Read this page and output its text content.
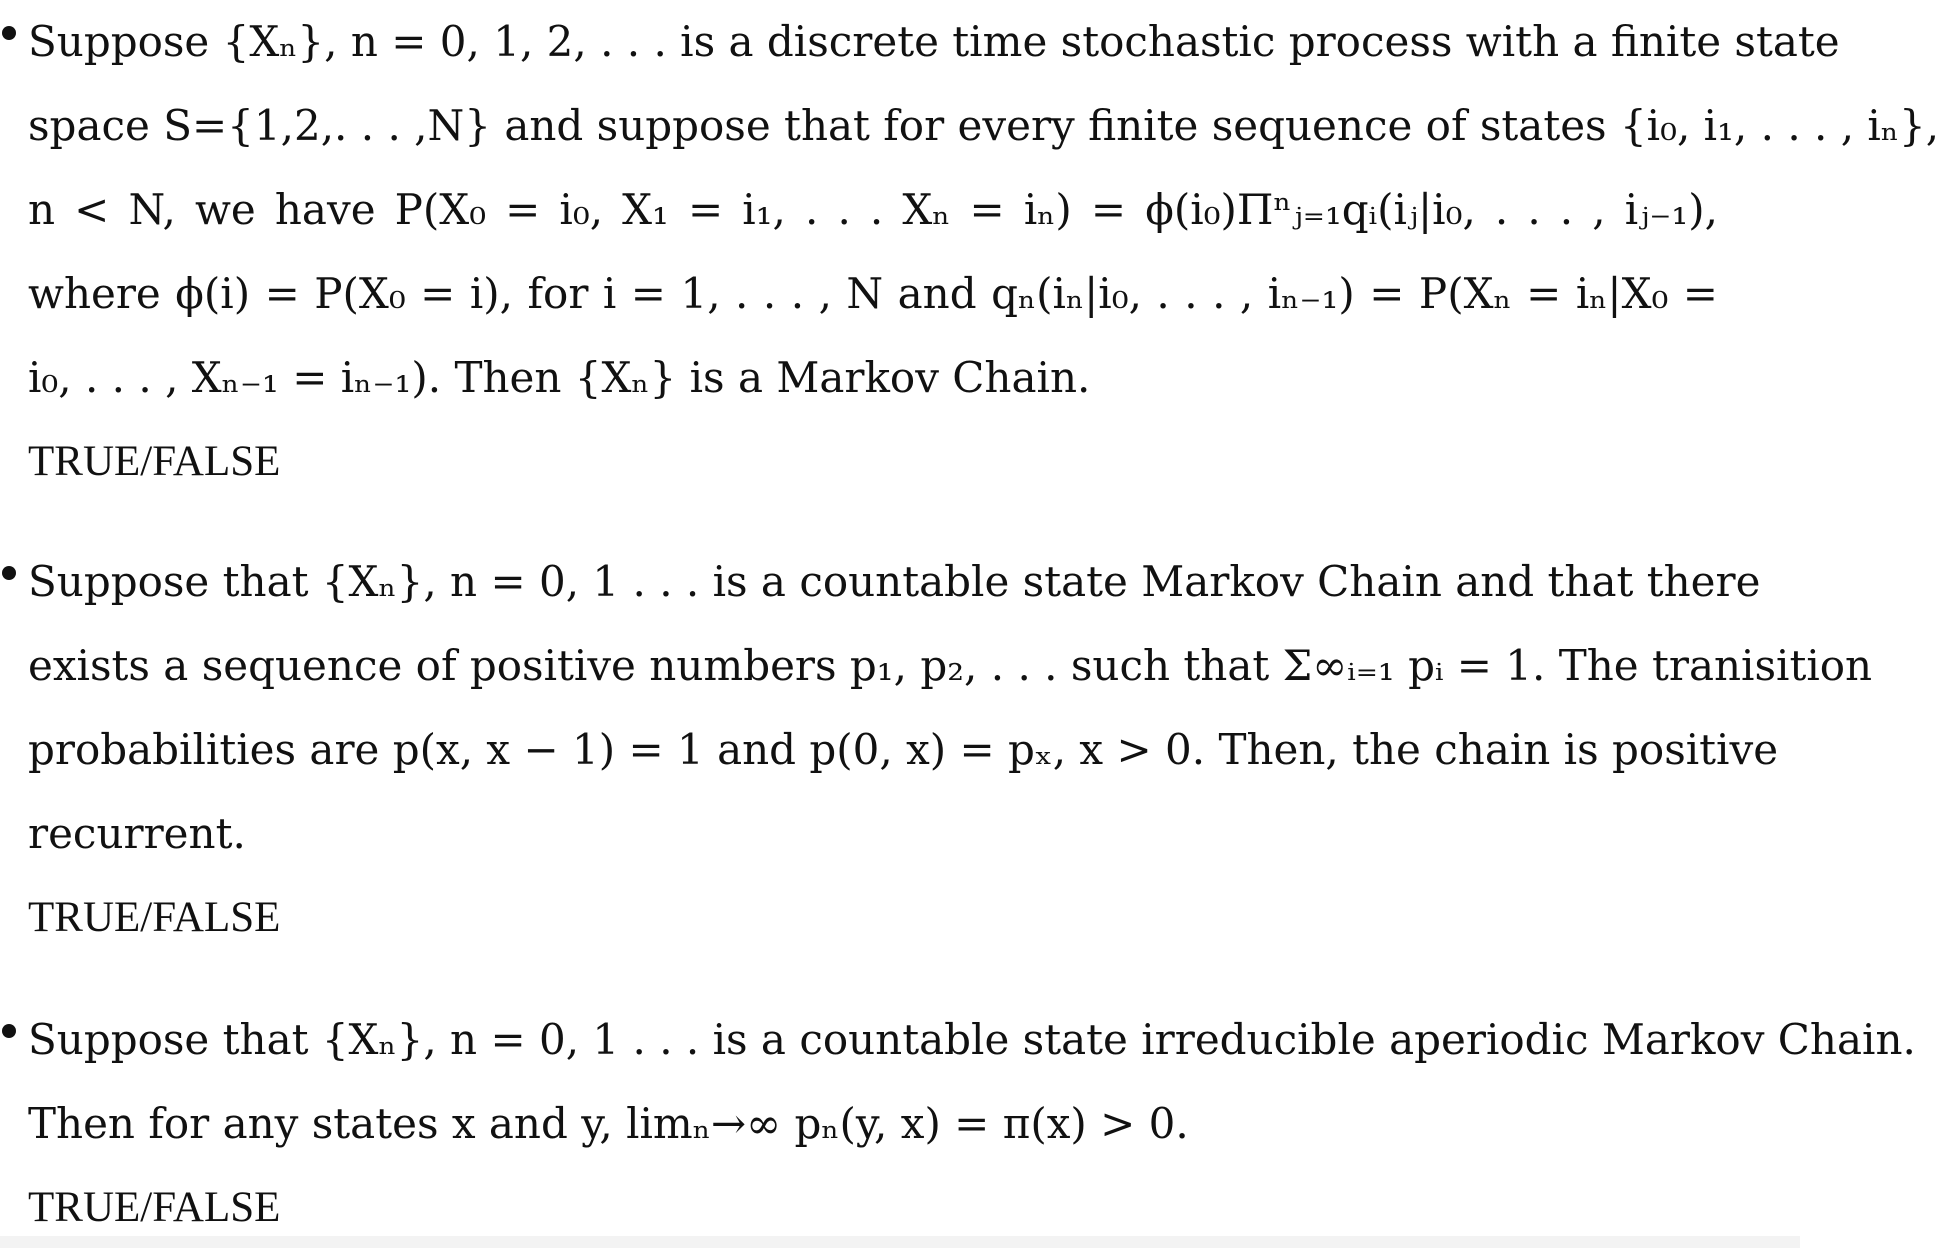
Suppose {Xₙ}, n = 0, 1, 2, . . . is a discrete time stochastic process with a finite state
space S={1,2,. . . ,N} and suppose that for every finite sequence of states {i₀, i₁, . . . , iₙ},
n < N, we have P(X₀ = i₀, X₁ = i₁, . . . Xₙ = iₙ) = ϕ(i₀)Πⁿⱼ₌₁qᵢ(iⱼ|i₀, . . . , iⱼ₋₁),
where ϕ(i) = P(X₀ = i), for i = 1, . . . , N and qₙ(iₙ|i₀, . . . , iₙ₋₁) = P(Xₙ = iₙ|X₀ =
i₀, . . . , Xₙ₋₁ = iₙ₋₁). Then {Xₙ} is a Markov Chain.
TRUE/FALSE
Suppose that {Xₙ}, n = 0, 1 . . . is a countable state Markov Chain and that there
exists a sequence of positive numbers p₁, p₂, . . . such that Σ∞ᵢ₌₁ pᵢ = 1. The tranisition
probabilities are p(x, x − 1) = 1 and p(0, x) = pₓ, x > 0. Then, the chain is positive
recurrent.
TRUE/FALSE
Suppose that {Xₙ}, n = 0, 1 . . . is a countable state irreducible aperiodic Markov Chain.
Then for any states x and y, limₙ→∞ pₙ(y, x) = π(x) > 0.
TRUE/FALSE
